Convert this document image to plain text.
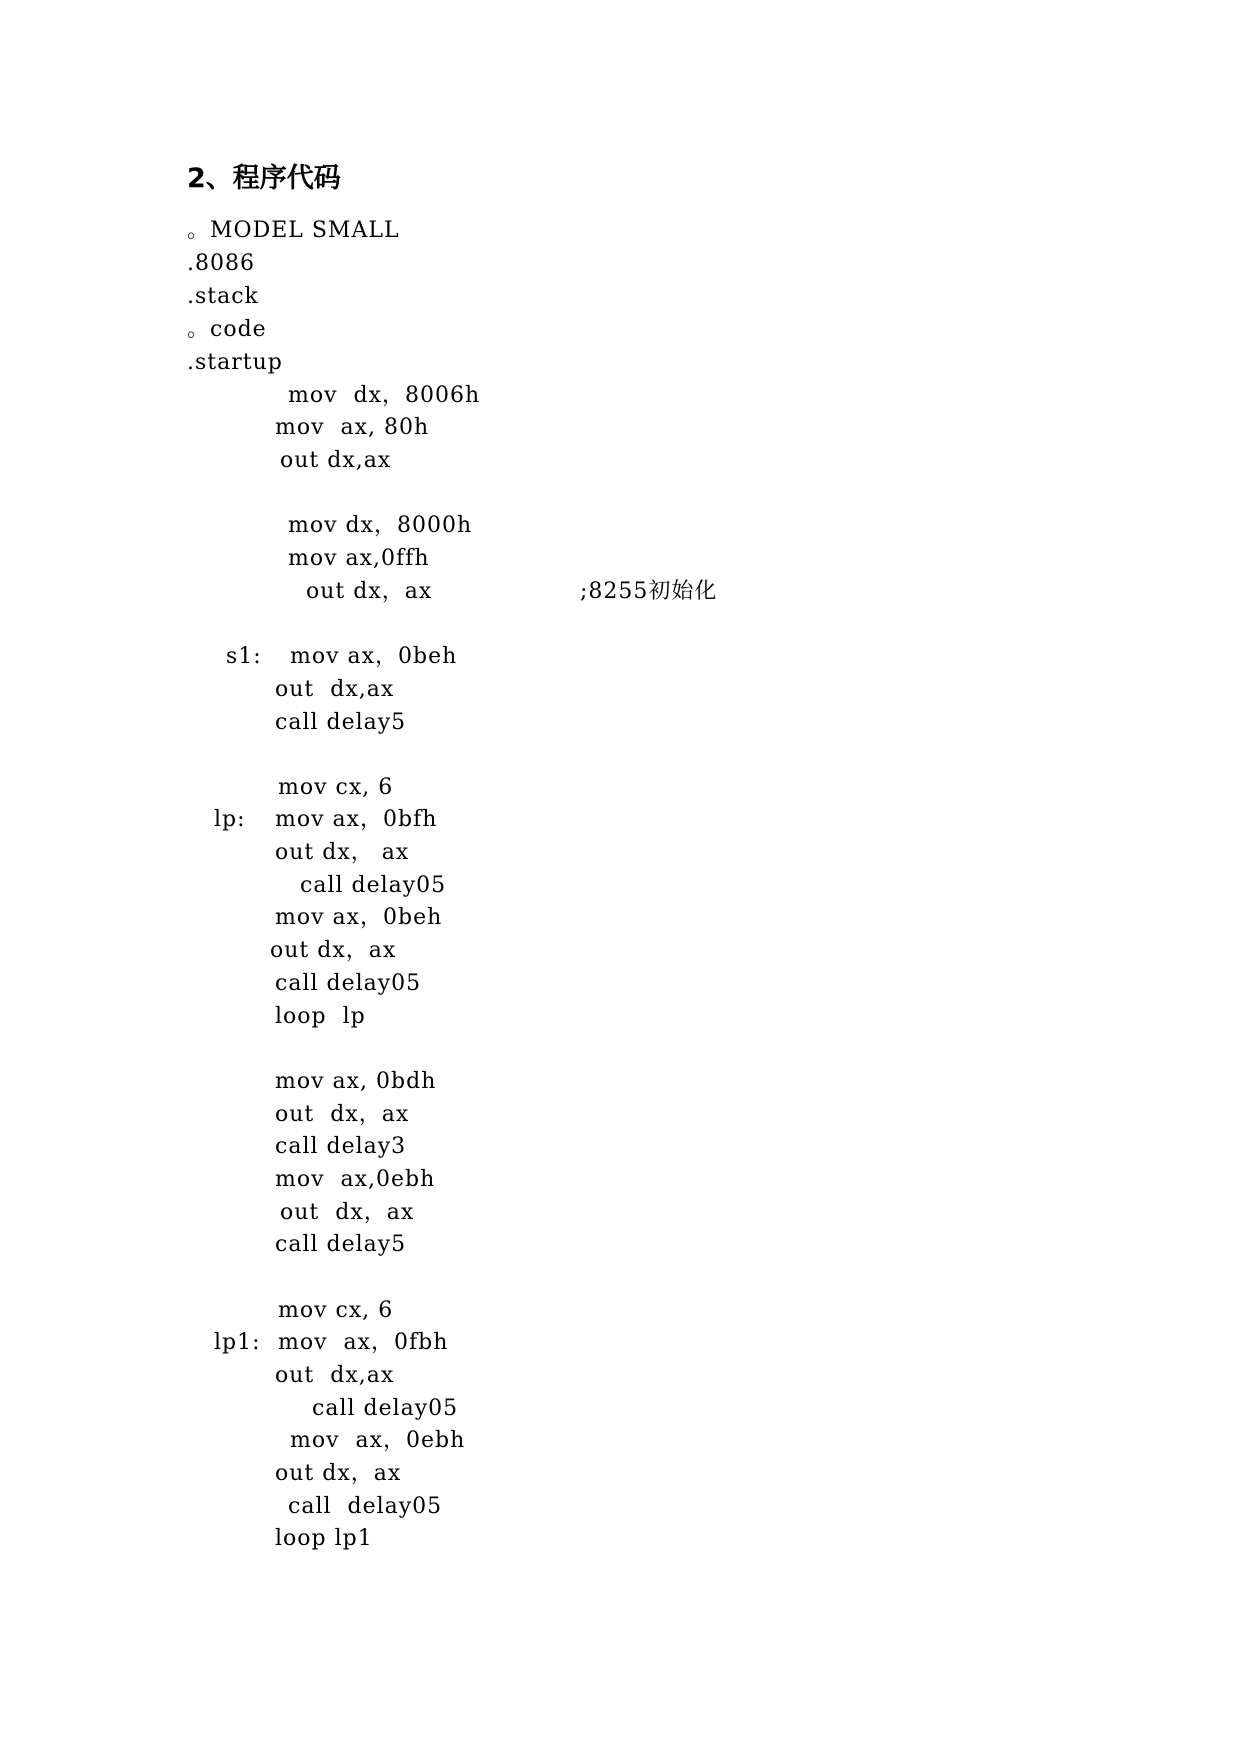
2、程序代码
。MODEL SMALL
.8086
.stack
。code
.startup
mov  dx，8006h
mov  ax, 80h
out dx,ax
mov dx，8000h
mov ax,0ffh
out dx，ax	;8255初始化
s1: mov ax，0beh
out  dx,ax
call delay5
mov cx, 6
lp: mov ax，0bfh
out dx， ax
call delay05
mov ax，0beh
out dx，ax
call delay05
loop  lp
mov ax, 0bdh
out  dx，ax
call delay3
mov  ax,0ebh
out  dx，ax
call delay5
mov cx, 6
lp1: mov  ax，0fbh
out  dx,ax
call delay05
mov  ax，0ebh
out dx，ax
call  delay05
loop lp1
